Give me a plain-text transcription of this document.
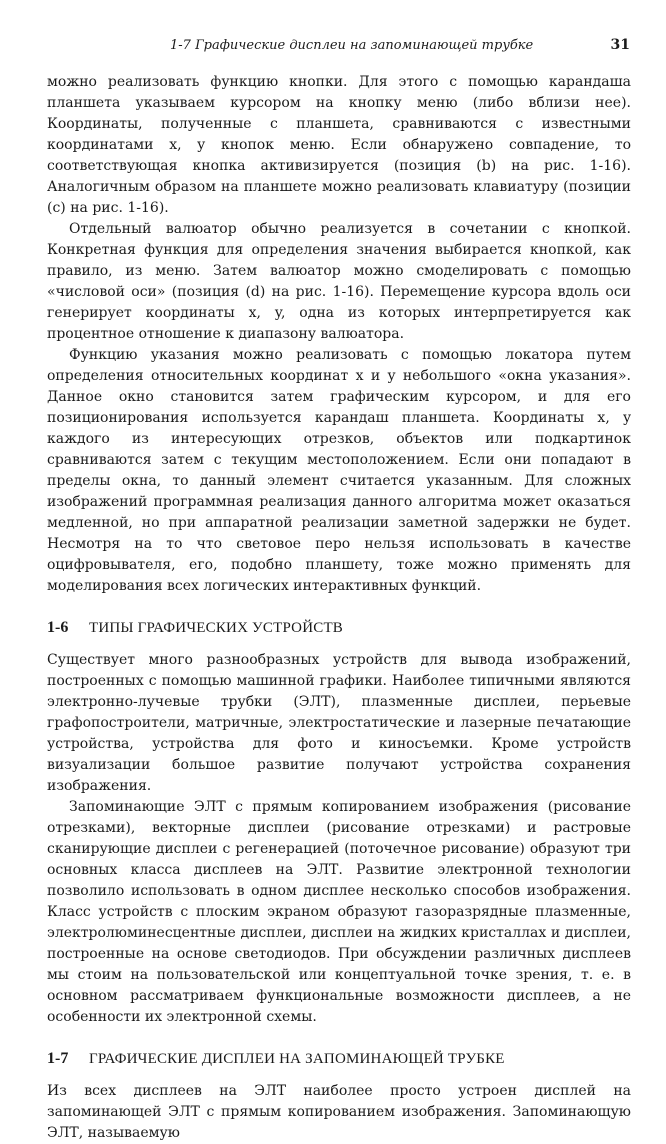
1-7 Графические дисплеи на запоминающей трубке	31

можно реализовать функцию кнопки. Для этого с помощью карандаша планшета указываем курсором на кнопку меню (либо вблизи нее). Координаты, полученные с планшета, сравниваются с известными координатами x, y кнопок меню. Если обнаружено совпадение, то соответствующая кнопка активизируется (позиция (b) на рис. 1-16). Аналогичным образом на планшете можно реализовать клавиатуру (позиции (c) на рис. 1-16).

Отдельный валюатор обычно реализуется в сочетании с кнопкой. Конкретная функция для определения значения выбирается кнопкой, как правило, из меню. Затем валюатор можно смоделировать с помощью «числовой оси» (позиция (d) на рис. 1-16). Перемещение курсора вдоль оси генерирует координаты x, y, одна из которых интерпретируется как процентное отношение к диапазону валюатора.

Функцию указания можно реализовать с помощью локатора путем определения относительных координат x и y небольшого «окна указания». Данное окно становится затем графическим курсором, и для его позиционирования используется карандаш планшета. Координаты x, y каждого из интересующих отрезков, объектов или подкартинок сравниваются затем с текущим местоположением. Если они попадают в пределы окна, то данный элемент считается указанным. Для сложных изображений программная реализация данного алгоритма может оказаться медленной, но при аппаратной реализации заметной задержки не будет. Несмотря на то что световое перо нельзя использовать в качестве оцифровывателя, его, подобно планшету, тоже можно применять для моделирования всех логических интерактивных функций.

1-6	ТИПЫ ГРАФИЧЕСКИХ УСТРОЙСТВ

Существует много разнообразных устройств для вывода изображений, построенных с помощью машинной графики. Наиболее типичными являются электронно-лучевые трубки (ЭЛТ), плазменные дисплеи, перьевые графопостроители, матричные, электростатические и лазерные печатающие устройства, устройства для фото и киносъемки. Кроме устройств визуализации большое развитие получают устройства сохранения изображения.

Запоминающие ЭЛТ с прямым копированием изображения (рисование отрезками), векторные дисплеи (рисование отрезками) и растровые сканирующие дисплеи с регенерацией (поточечное рисование) образуют три основных класса дисплеев на ЭЛТ. Развитие электронной технологии позволило использовать в одном дисплее несколько способов изображения. Класс устройств с плоским экраном образуют газоразрядные плазменные, электролюминесцентные дисплеи, дисплеи на жидких кристаллах и дисплеи, построенные на основе светодиодов. При обсуждении различных дисплеев мы стоим на пользовательской или концептуальной точке зрения, т. е. в основном рассматриваем функциональные возможности дисплеев, а не особенности их электронной схемы.

1-7	ГРАФИЧЕСКИЕ ДИСПЛЕИ НА ЗАПОМИНАЮЩЕЙ ТРУБКЕ

Из всех дисплеев на ЭЛТ наиболее просто устроен дисплей на запоминающей ЭЛТ с прямым копированием изображения. Запоминающую ЭЛТ, называемую
